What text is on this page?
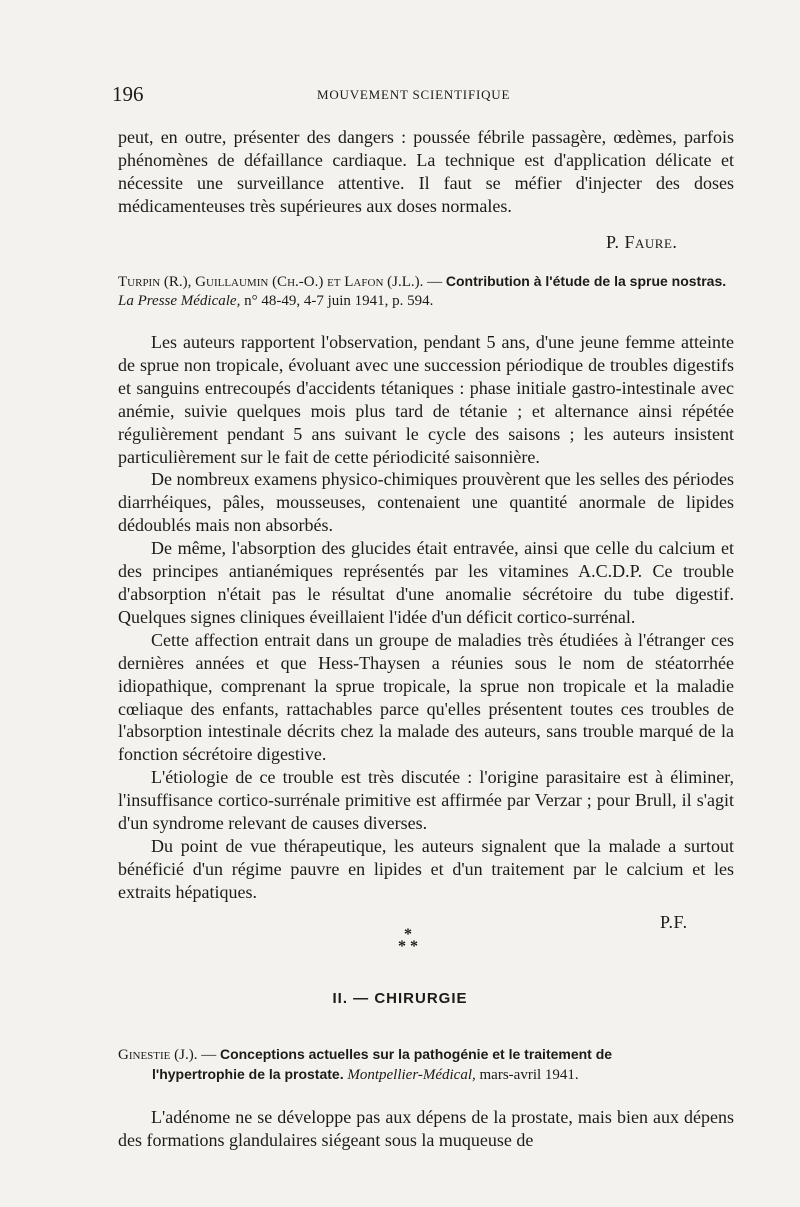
196	MOUVEMENT SCIENTIFIQUE

peut, en outre, présenter des dangers : poussée fébrile passagère, œdèmes, parfois phénomènes de défaillance cardiaque. La technique est d'application délicate et nécessite une surveillance attentive. Il faut se méfier d'injecter des doses médicamenteuses très supérieures aux doses normales.

P. Faure.
Turpin (R.), Guillaumin (Ch.-O.) et Lafon (J.L.). — Contribution à l'étude de la sprue nostras. La Presse Médicale, n° 48-49, 4-7 juin 1941, p. 594.

Les auteurs rapportent l'observation, pendant 5 ans, d'une jeune femme atteinte de sprue non tropicale, évoluant avec une succession périodique de troubles digestifs et sanguins entrecoupés d'accidents tétaniques : phase initiale gastro-intestinale avec anémie, suivie quelques mois plus tard de tétanie ; et alternance ainsi répétée régulièrement pendant 5 ans suivant le cycle des saisons ; les auteurs insistent particulièrement sur le fait de cette périodicité saisonnière.

De nombreux examens physico-chimiques prouvèrent que les selles des périodes diarrhéiques, pâles, mousseuses, contenaient une quantité anormale de lipides dédoublés mais non absorbés.

De même, l'absorption des glucides était entravée, ainsi que celle du calcium et des principes antianémiques représentés par les vitamines A.C.D.P. Ce trouble d'absorption n'était pas le résultat d'une anomalie sécrétoire du tube digestif. Quelques signes cliniques éveillaient l'idée d'un déficit cortico-surrénal.

Cette affection entrait dans un groupe de maladies très étudiées à l'étranger ces dernières années et que Hess-Thaysen a réunies sous le nom de stéatorrhée idiopathique, comprenant la sprue tropicale, la sprue non tropicale et la maladie cœliaque des enfants, rattachables parce qu'elles présentent toutes ces troubles de l'absorption intestinale décrits chez la malade des auteurs, sans trouble marqué de la fonction sécrétoire digestive.

L'étiologie de ce trouble est très discutée : l'origine parasitaire est à éliminer, l'insuffisance cortico-surrénale primitive est affirmée par Verzar ; pour Brull, il s'agit d'un syndrome relevant de causes diverses.

Du point de vue thérapeutique, les auteurs signalent que la malade a surtout bénéficié d'un régime pauvre en lipides et d'un traitement par le calcium et les extraits hépatiques.

P.F.
*
* *
II. — CHIRURGIE
Ginestie (J.). — Conceptions actuelles sur la pathogénie et le traitement de
l'hypertrophie de la prostate. Montpellier-Médical, mars-avril 1941.

L'adénome ne se développe pas aux dépens de la prostate, mais bien aux dépens des formations glandulaires siégeant sous la muqueuse de
